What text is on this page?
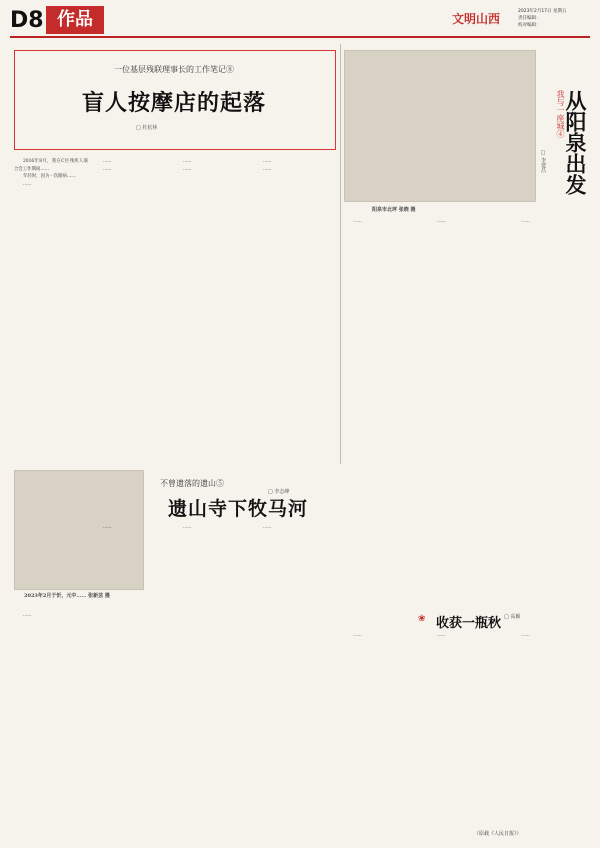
D8 作品	文明山西
2023年2月17日 星期五
责任编辑：
校对编辑：
一位基层残联理事长的工作笔记⑧
盲人按摩店的起落
□ 杜松林

2016年8月，我在C区残疾人联合会工作期间……

年轻时，因为一次眼病……

……

……

……

……

……

……

……

阳泉市北坪 张晓 摄
我与一座城④
从阳泉出发
□ 李建昌

……	……	……

不曾遗落的遗山⑤
遗山寺下牧马河
□ 李志峰
2023年2月于忻，元中…… 张新芸 摄

……

……	……	……

❀ 收获一瓶秋 □ 高颖

……	……	……

（原载《人民日报》）
